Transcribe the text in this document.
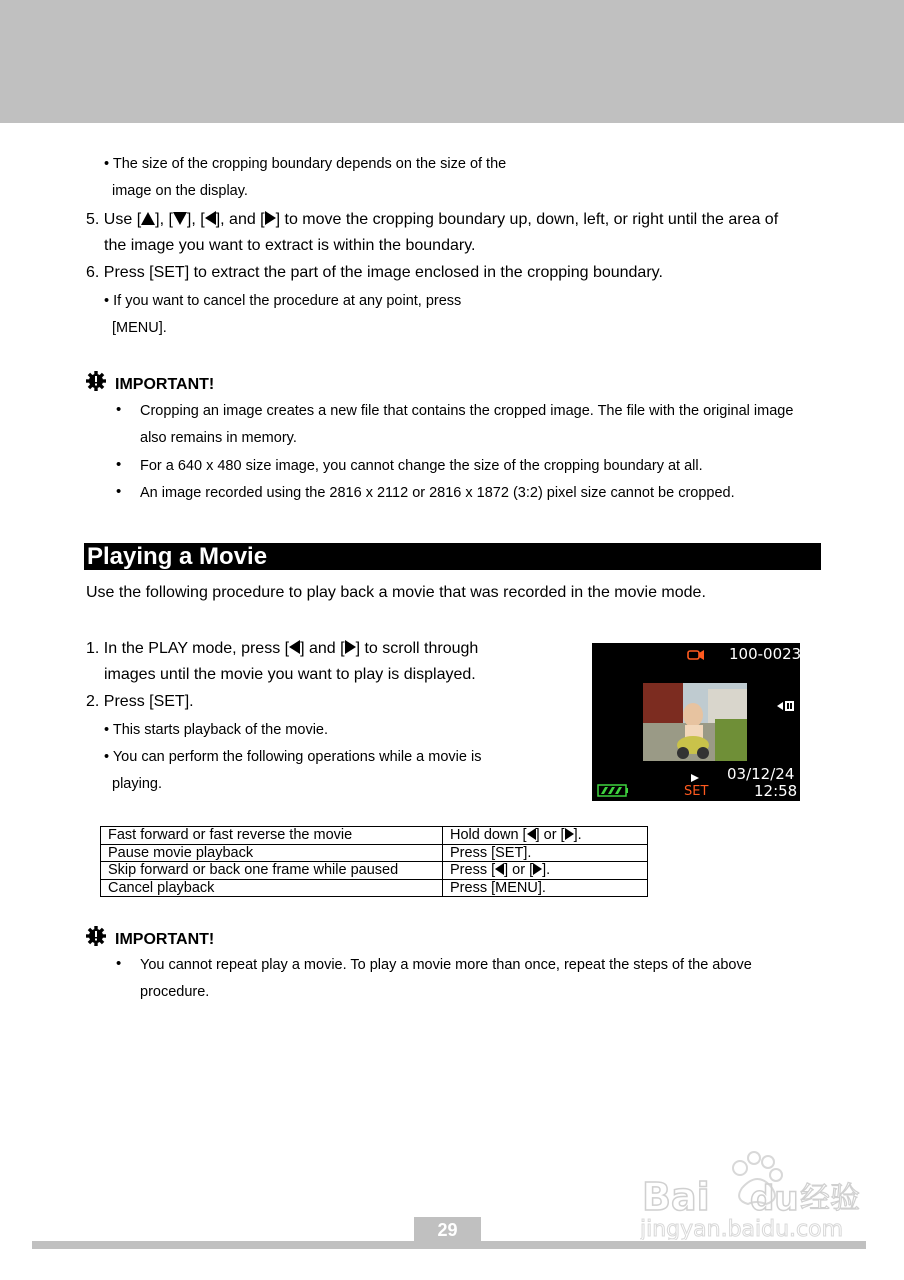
• The size of the cropping boundary depends on the size of the
image on the display.
5. Use [ ], [ ], [ ], and [ ] to move the cropping boundary up, down, left, or right until the area of
the image you want to extract is within the boundary.
6. Press [SET] to extract the part of the image enclosed in the cropping boundary.
• If you want to cancel the procedure at any point, press
[MENU].
IMPORTANT!
• Cropping an image creates a new file that contains the cropped image. The file with the original image
also remains in memory.
• For a 640 x 480 size image, you cannot change the size of the cropping boundary at all.
• An image recorded using the 2816 x 2112 or 2816 x 1872 (3:2) pixel size cannot be cropped.
Playing a Movie
Use the following procedure to play back a movie that was recorded in the movie mode.
1. In the PLAY mode, press [ ] and [ ] to scroll through
images until the movie you want to play is displayed.
2. Press [SET].
• This starts playback of the movie.
• You can perform the following operations while a movie is
playing.
100-0023
03/12/24
SET	12:58
Fast forward or fast reverse the movie	Hold down [ ] or [ ].
Pause movie playback	Press [SET].
Skip forward or back one frame while paused	Press [ ] or [ ].
Cancel playback	Press [MENU].
IMPORTANT!
• You cannot repeat play a movie. To play a movie more than once, repeat the steps of the above
procedure.
Bai du 经验
jingyan.baidu.com
29
